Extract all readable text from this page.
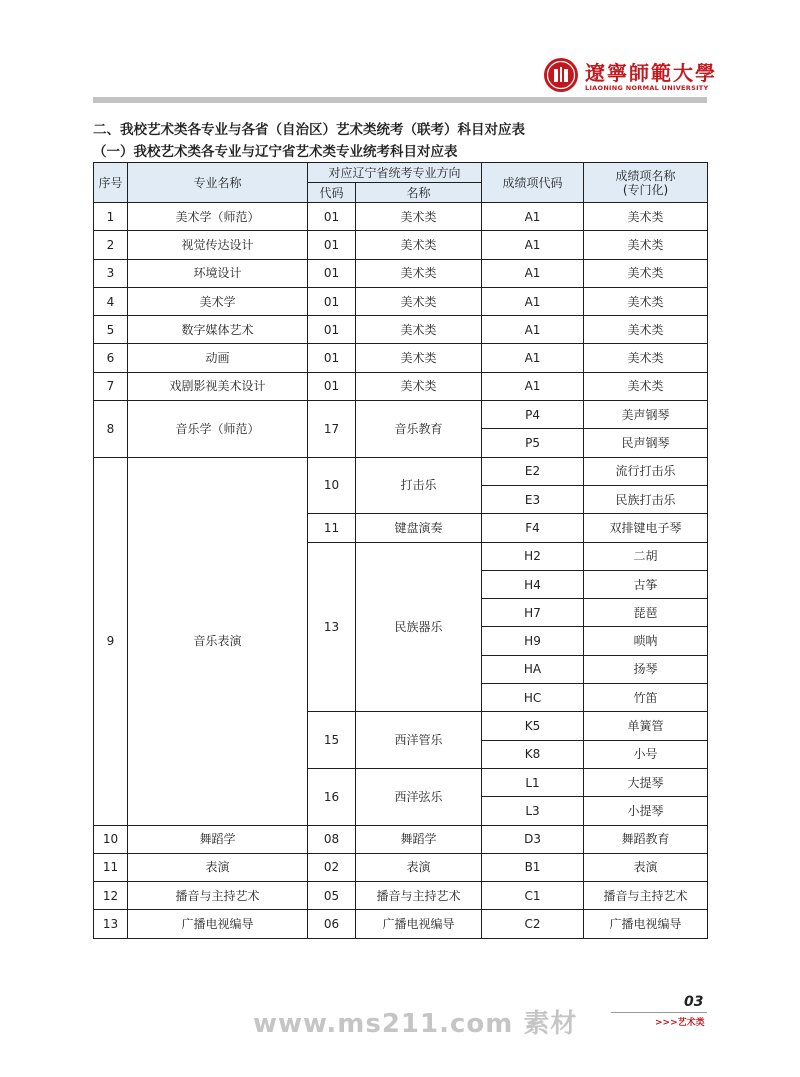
遼寧師範大學
LIAONING NORMAL UNIVERSITY
二、我校艺术类各专业与各省（自治区）艺术类统考（联考）科目对应表
（一）我校艺术类各专业与辽宁省艺术类专业统考科目对应表
序号	专业名称	对应辽宁省统考专业方向		成绩项代码	成绩项名称
(专门化)

		代码	名称		
1	美术学（师范）	01	美术类	A1	美术类
2	视觉传达设计	01	美术类	A1	美术类
3	环境设计	01	美术类	A1	美术类
4	美术学	01	美术类	A1	美术类
5	数字媒体艺术	01	美术类	A1	美术类
6	动画	01	美术类	A1	美术类
7	戏剧影视美术设计	01	美术类	A1	美术类
8	音乐学（师范）	17	音乐教育	P4	美声钢琴
				P5	民声钢琴
9	音乐表演	10	打击乐	E2	流行打击乐
				E3	民族打击乐
		11	键盘演奏	F4	双排键电子琴
		13	民族器乐	H2	二胡
				H4	古筝
				H7	琵琶
				H9	唢呐
				HA	扬琴
				HC	竹笛
		15	西洋管乐	K5	单簧管
				K8	小号
		16	西洋弦乐	L1	大提琴
				L3	小提琴
10	舞蹈学	08	舞蹈学	D3	舞蹈教育
11	表演	02	表演	B1	表演
12	播音与主持艺术	05	播音与主持艺术	C1	播音与主持艺术
13	广播电视编导	06	广播电视编导	C2	广播电视编导
www.ms211.com 素材
03
>>>艺术类
